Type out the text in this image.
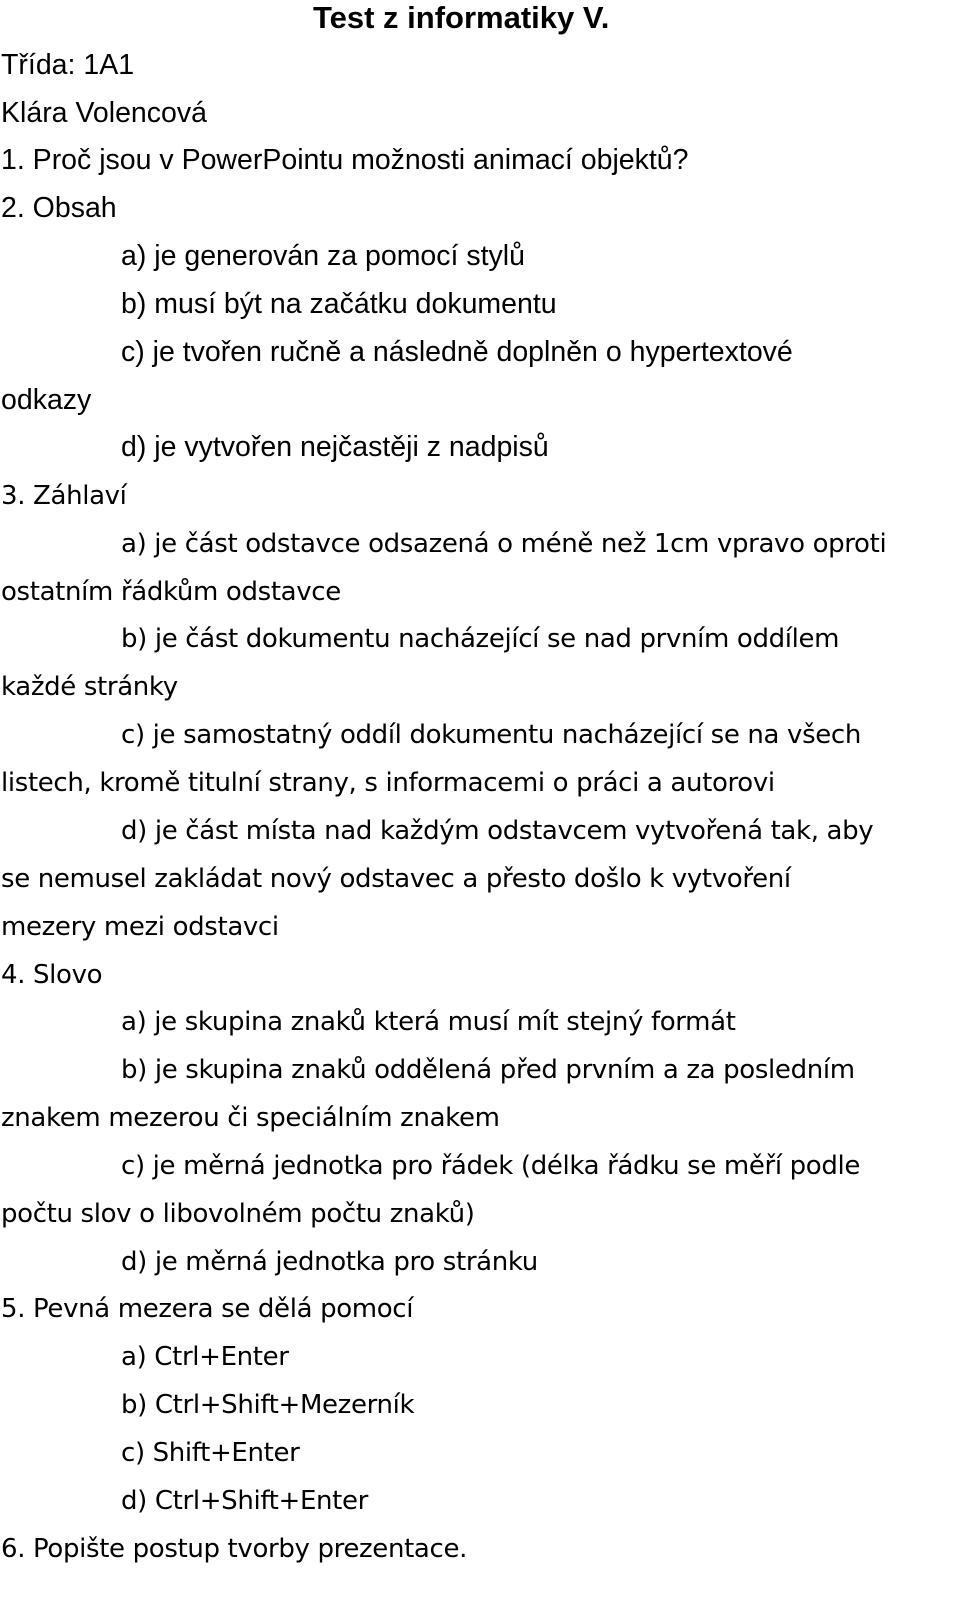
Test z informatiky V.
Třída: 1A1
Klára Volencová
1. Proč jsou v PowerPointu možnosti animací objektů?
2. Obsah
a) je generován za pomocí stylů
b) musí být na začátku dokumentu
c) je tvořen ručně a následně doplněn o hypertextové
odkazy
d) je vytvořen nejčastěji z nadpisů
3. Záhlaví
a) je část odstavce odsazená o méně než 1cm vpravo oproti
ostatním řádkům odstavce
b) je část dokumentu nacházející se nad prvním oddílem
každé stránky
c) je samostatný oddíl dokumentu nacházející se na všech
listech, kromě titulní strany, s informacemi o práci a autorovi
d) je část místa nad každým odstavcem vytvořená tak, aby
se nemusel zakládat nový odstavec a přesto došlo k vytvoření
mezery mezi odstavci
4. Slovo
a) je skupina znaků která musí mít stejný formát
b) je skupina znaků oddělená před prvním a za posledním
znakem mezerou či speciálním znakem
c) je měrná jednotka pro řádek (délka řádku se měří podle
počtu slov o libovolném počtu znaků)
d) je měrná jednotka pro stránku
5. Pevná mezera se dělá pomocí
a) Ctrl+Enter
b) Ctrl+Shift+Mezerník
c) Shift+Enter
d) Ctrl+Shift+Enter
6. Popište postup tvorby prezentace.
